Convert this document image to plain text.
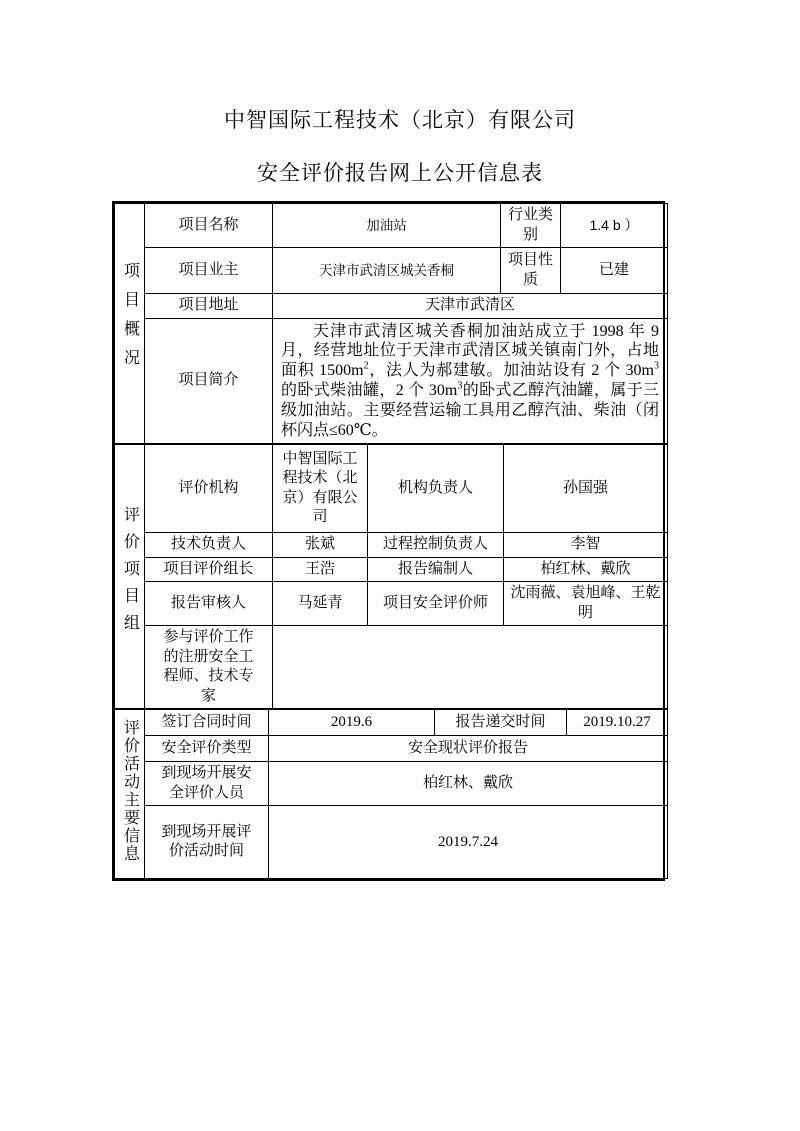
中智国际工程技术（北京）有限公司
安全评价报告网上公开信息表
项目概况	项目名称	加油站	行业类别	1.4 b ）
	项目业主	天津市武清区城关香桐	项目性质	已建
	项目地址	天津市武清区		
	项目简介	天津市武清区城关香桐加油站成立于 1998 年 9 月，经营地址位于天津市武清区城关镇南门外，占地面积 $1500m^2$，法人为郝建敏。加油站设有 2 个 $30m^3$的卧式柴油罐，2 个 $30m^3$的卧式乙醇汽油罐，属于三级加油站。主要经营运输工具用乙醇汽油、柴油（闭杯闪点≤60℃。		

评价项目组	评价机构	中智国际工程技术（北京）有限公司	机构负责人	孙国强
	技术负责人	张斌	过程控制负责人	李智
	项目评价组长	王浩	报告编制人	柏红林、戴欣
	报告审核人	马延青	项目安全评价师	沈雨薇、袁旭峰、王乾明
	参与评价工作的注册安全工程师、技术专家			
评价活动主要信息	签订合同时间	2019.6	报告递交时间	2019.10.27
	安全评价类型	安全现状评价报告		
	到现场开展安全评价人员	柏红林、戴欣		
	到现场开展评价活动时间	2019.7.24		
